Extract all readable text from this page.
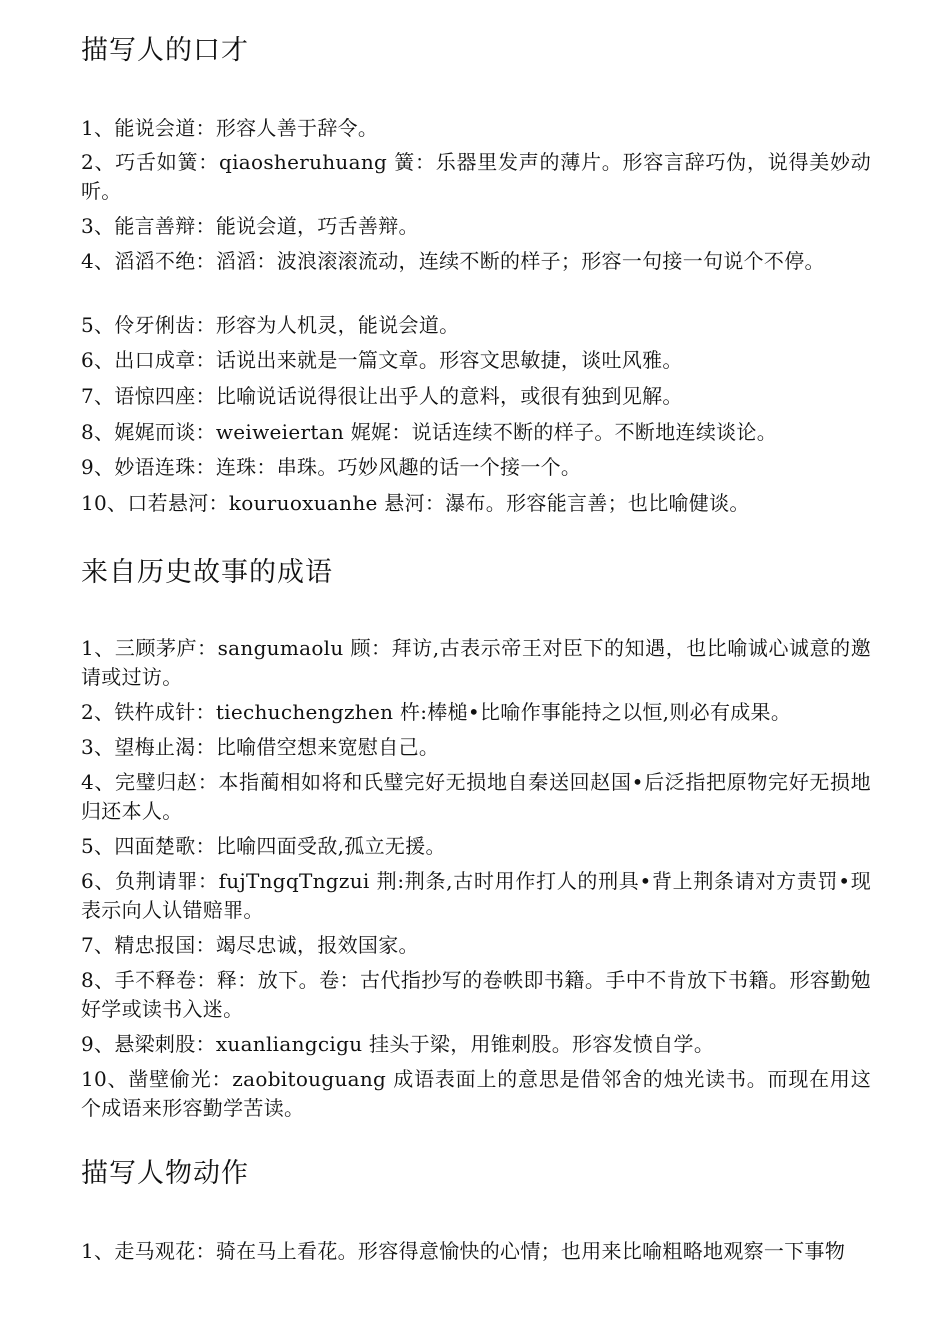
描写人的口才

1、能说会道：形容人善于辞令。

2、巧舌如簧：qiaosheruhuang 簧：乐器里发声的薄片。形容言辞巧伪，说得美妙动听。

3、能言善辩：能说会道，巧舌善辩。

4、滔滔不绝：滔滔：波浪滚滚流动，连续不断的样子；形容一句接一句说个不停。

5、伶牙俐齿：形容为人机灵，能说会道。

6、出口成章：话说出来就是一篇文章。形容文思敏捷，谈吐风雅。

7、语惊四座：比喻说话说得很让出乎人的意料，或很有独到见解。

8、娓娓而谈：weiweiertan 娓娓：说话连续不断的样子。不断地连续谈论。

9、妙语连珠：连珠：串珠。巧妙风趣的话一个接一个。

10、口若悬河：kouruoxuanhe 悬河：瀑布。形容能言善；也比喻健谈。

来自历史故事的成语

1、三顾茅庐：sangumaolu 顾：拜访,古表示帝王对臣下的知遇，也比喻诚心诚意的邀请或过访。

2、铁杵成针：tiechuchengzhen 杵:棒槌•比喻作事能持之以恒,则必有成果。

3、望梅止渴：比喻借空想来宽慰自己。

4、完璧归赵：本指蔺相如将和氏璧完好无损地自秦送回赵国•后泛指把原物完好无损地归还本人。

5、四面楚歌：比喻四面受敌,孤立无援。

6、负荆请罪：fujTngqTngzui 荆:荆条,古时用作打人的刑具•背上荆条请对方责罚•现表示向人认错赔罪。

7、精忠报国：竭尽忠诚，报效国家。

8、手不释卷：释：放下。卷：古代指抄写的卷帙即书籍。手中不肯放下书籍。形容勤勉好学或读书入迷。

9、悬梁刺股：xuanliangcigu 挂头于梁，用锥刺股。形容发愤自学。

10、凿壁偷光：zaobitouguang 成语表面上的意思是借邻舍的烛光读书。而现在用这个成语来形容勤学苦读。

描写人物动作

1、走马观花：骑在马上看花。形容得意愉快的心情；也用来比喻粗略地观察一下事物
